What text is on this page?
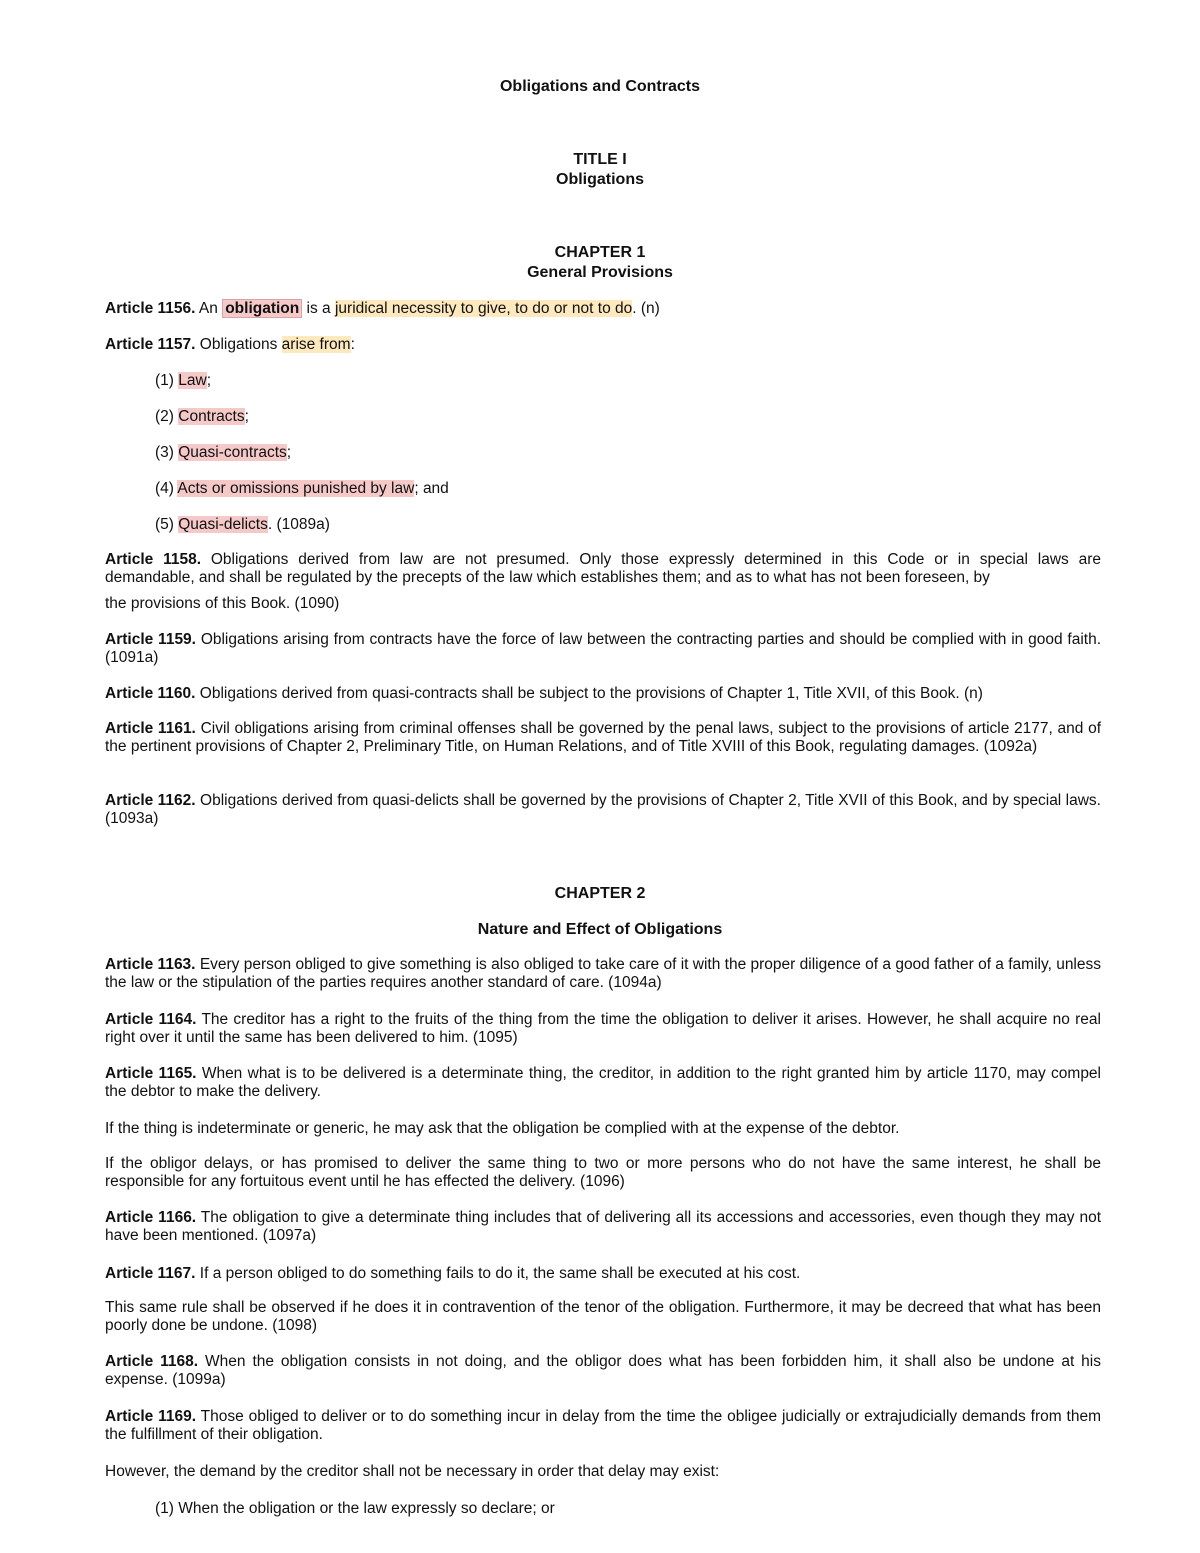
Obligations and Contracts
TITLE I
Obligations
CHAPTER 1
General Provisions
Article 1156. An obligation is a juridical necessity to give, to do or not to do. (n)
Article 1157. Obligations arise from:
(1) Law;
(2) Contracts;
(3) Quasi-contracts;
(4) Acts or omissions punished by law; and
(5) Quasi-delicts. (1089a)
Article 1158. Obligations derived from law are not presumed. Only those expressly determined in this Code or in special laws are
demandable, and shall be regulated by the precepts of the law which establishes them; and as to what has not been foreseen, by
the provisions of this Book. (1090)
Article 1159. Obligations arising from contracts have the force of law between the contracting parties and should be complied with in good faith. (1091a)
Article 1160. Obligations derived from quasi-contracts shall be subject to the provisions of Chapter 1, Title XVII, of this Book. (n)
Article 1161. Civil obligations arising from criminal offenses shall be governed by the penal laws, subject to the provisions of article 2177, and of the pertinent provisions of Chapter 2, Preliminary Title, on Human Relations, and of Title XVIII of this Book, regulating damages. (1092a)
Article 1162. Obligations derived from quasi-delicts shall be governed by the provisions of Chapter 2, Title XVII of this Book, and by special laws. (1093a)
CHAPTER 2
Nature and Effect of Obligations
Article 1163. Every person obliged to give something is also obliged to take care of it with the proper diligence of a good father of a family, unless the law or the stipulation of the parties requires another standard of care. (1094a)
Article 1164. The creditor has a right to the fruits of the thing from the time the obligation to deliver it arises. However, he shall acquire no real right over it until the same has been delivered to him. (1095)
Article 1165. When what is to be delivered is a determinate thing, the creditor, in addition to the right granted him by article 1170, may compel the debtor to make the delivery.
If the thing is indeterminate or generic, he may ask that the obligation be complied with at the expense of the debtor.
If the obligor delays, or has promised to deliver the same thing to two or more persons who do not have the same interest, he shall be responsible for any fortuitous event until he has effected the delivery. (1096)
Article 1166. The obligation to give a determinate thing includes that of delivering all its accessions and accessories, even though they may not have been mentioned. (1097a)
Article 1167. If a person obliged to do something fails to do it, the same shall be executed at his cost.
This same rule shall be observed if he does it in contravention of the tenor of the obligation. Furthermore, it may be decreed that what has been poorly done be undone. (1098)
Article 1168. When the obligation consists in not doing, and the obligor does what has been forbidden him, it shall also be undone at his expense. (1099a)
Article 1169. Those obliged to deliver or to do something incur in delay from the time the obligee judicially or extrajudicially demands from them the fulfillment of their obligation.
However, the demand by the creditor shall not be necessary in order that delay may exist:
(1) When the obligation or the law expressly so declare; or
